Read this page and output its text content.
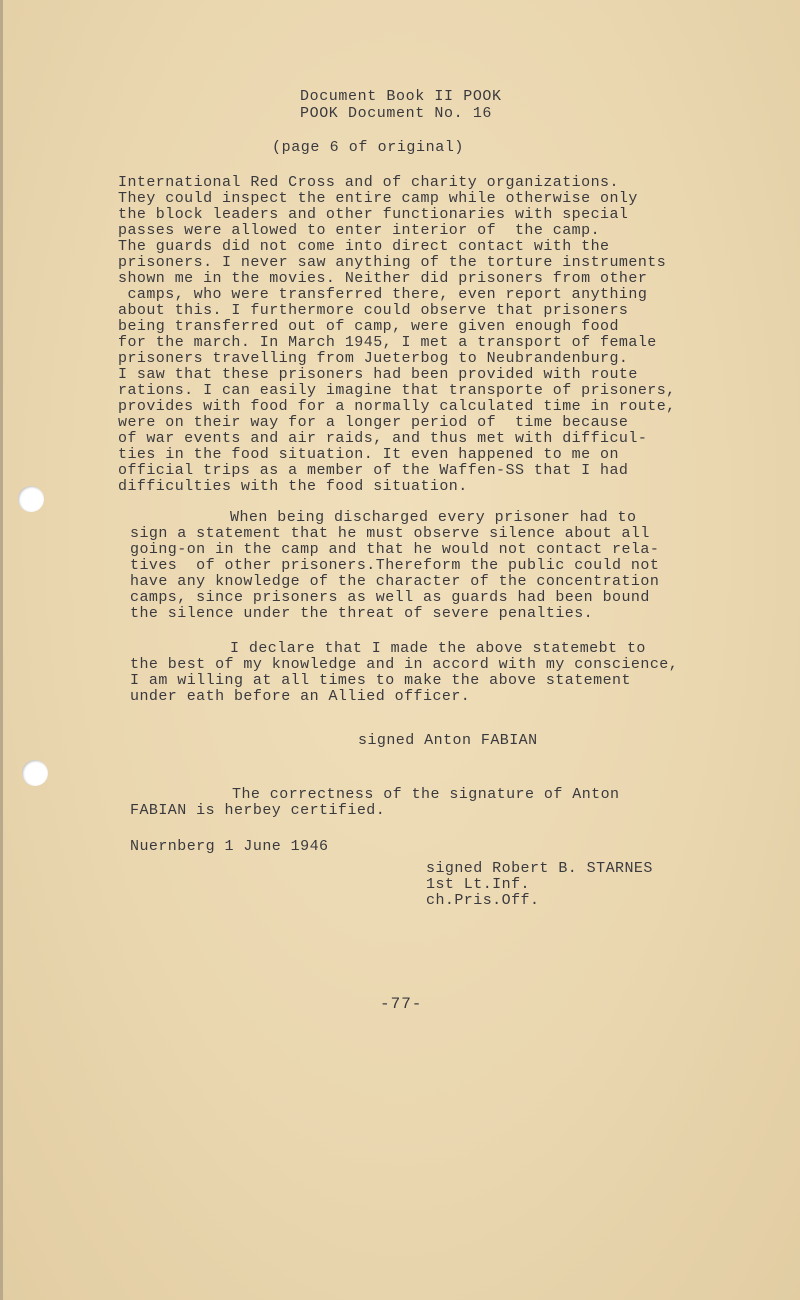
Document Book II POOK
POOK Document No. 16
(page 6 of original)
International Red Cross and of charity organizations.
They could inspect the entire camp while otherwise only
the block leaders and other functionaries with special
passes were allowed to enter interior of  the camp.
The guards did not come into direct contact with the
prisoners. I never saw anything of the torture instruments
shown me in the movies. Neither did prisoners from other
camps, who were transferred there, even report anything
about this. I furthermore could observe that prisoners
being transferred out of camp, were given enough food
for the march. In March 1945, I met a transport of female
prisoners travelling from Jueterbog to Neubrandenburg.
I saw that these prisoners had been provided with route
rations. I can easily imagine that transporte of prisoners,
provides with food for a normally calculated time in route,
were on their way for a longer period of  time because
of war events and air raids, and thus met with difficul-
ties in the food situation. It even happened to me on
official trips as a member of the Waffen-SS that I had
difficulties with the food situation.
When being discharged every prisoner had to
sign a statement that he must observe silence about all
going-on in the camp and that he would not contact rela-
tives  of other prisoners.Thereform the public could not
have any knowledge of the character of the concentration
camps, since prisoners as well as guards had been bound
the silence under the threat of severe penalties.
I declare that I made the above statemebt to
the best of my knowledge and in accord with my conscience,
I am willing at all times to make the above statement
under eath before an Allied officer.
signed Anton FABIAN
The correctness of the signature of Anton
FABIAN is herbey certified.
Nuernberg 1 June 1946
signed Robert B. STARNES
1st Lt.Inf.
ch.Pris.Off.
-77-
